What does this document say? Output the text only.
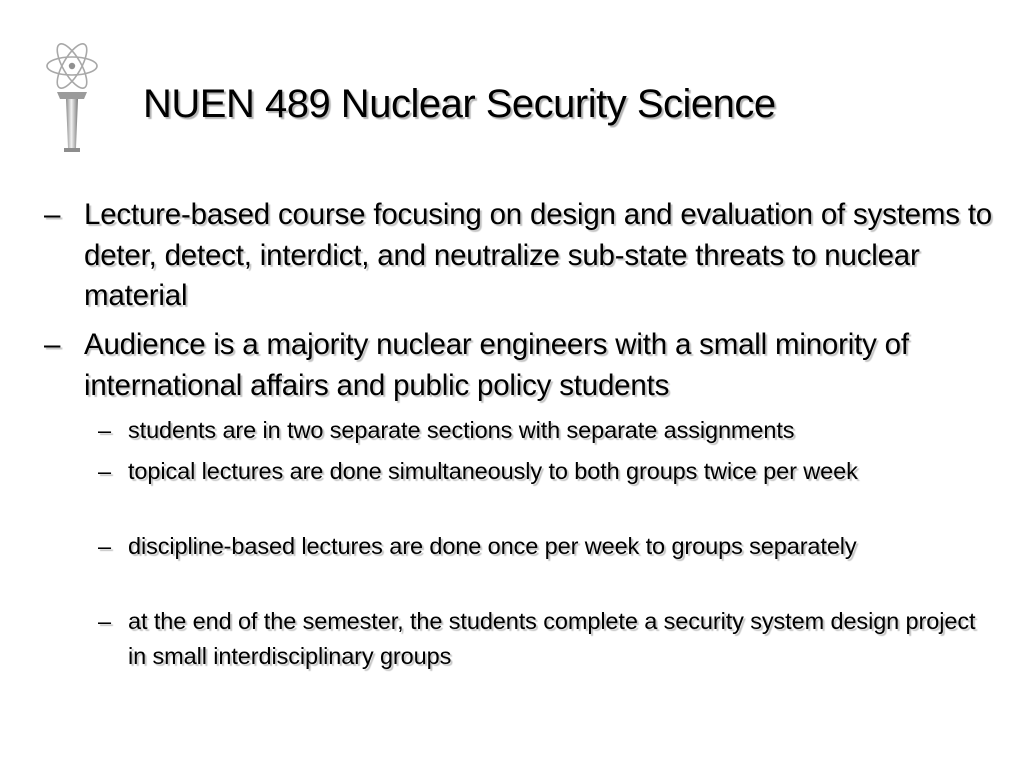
NUEN 489 Nuclear Security Science

– Lecture-based course focusing on design and evaluation of systems to deter, detect, interdict, and neutralize sub-state threats to nuclear material

– Audience is a majority nuclear engineers with a small minority of international affairs and public policy students

– students are in two separate sections with separate assignments

– topical lectures are done simultaneously to both groups twice per week

– discipline-based lectures are done once per week to groups separately

– at the end of the semester, the students complete a security system design project in small interdisciplinary groups
